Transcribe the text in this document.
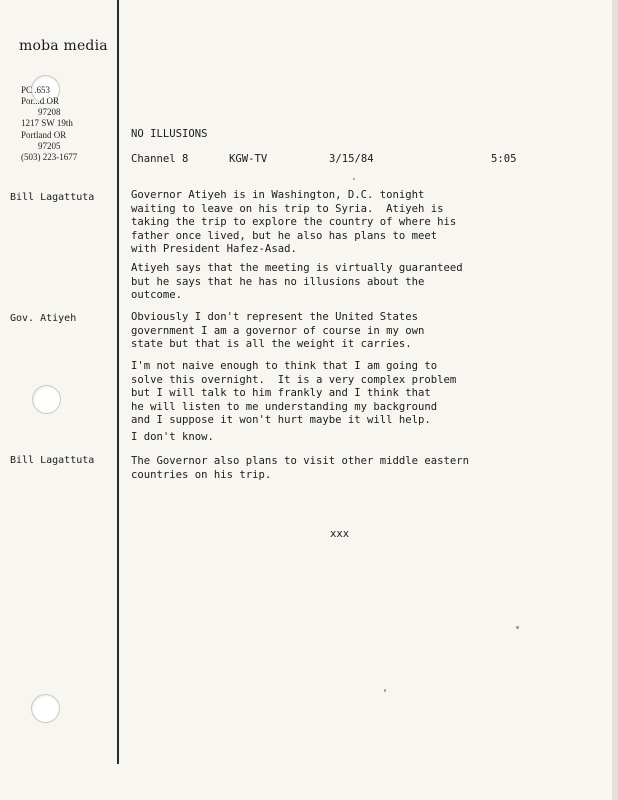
moba media
PC .653
Por...d OR
97208
1217 SW 19th
Portland OR
97205
(503) 223-1677
NO ILLUSIONS
Channel 8	KGW-TV	3/15/84	5:05
Bill Lagattuta
Gov. Atiyeh
Bill Lagattuta
Governor Atiyeh is in Washington, D.C. tonight
waiting to leave on his trip to Syria.  Atiyeh is
taking the trip to explore the country of where his
father once lived, but he also has plans to meet
with President Hafez-Asad.
Atiyeh says that the meeting is virtually guaranteed
but he says that he has no illusions about the
outcome.
Obviously I don't represent the United States
government I am a governor of course in my own
state but that is all the weight it carries.
I'm not naive enough to think that I am going to
solve this overnight.  It is a very complex problem
but I will talk to him frankly and I think that
he will listen to me understanding my background
and I suppose it won't hurt maybe it will help.
I don't know.
The Governor also plans to visit other middle eastern
countries on his trip.
xxx
